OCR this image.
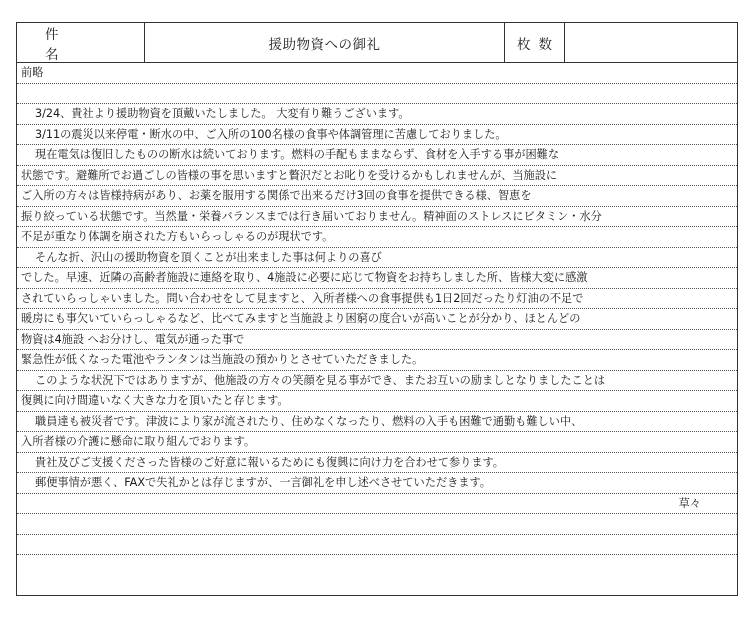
件　名
援助物資への御礼	枚数
前略
3/24、貴社より援助物資を頂戴いたしました。 大変有り難うございます。
3/11の震災以来停電・断水の中、ご入所の100名様の食事や体調管理に苦慮しておりました。
現在電気は復旧したものの断水は続いております。燃料の手配もままならず、食材を入手する事が困難な
状態です。避難所でお過ごしの皆様の事を思いますと贅沢だとお叱りを受けるかもしれませんが、当施設に
ご入所の方々は皆様持病があり、お薬を服用する関係で出来るだけ3回の食事を提供できる様、智恵を
振り絞っている状態です。当然量・栄養バランスまでは行き届いておりません。精神面のストレスにビタミン・水分
不足が重なり体調を崩された方もいらっしゃるのが現状です。
そんな折、沢山の援助物資を頂くことが出来ました事は何よりの喜び
でした。早速、近隣の高齢者施設に連絡を取り、4施設に必要に応じて物資をお持ちしました所、皆様大変に感激
されていらっしゃいました。問い合わせをして見ますと、入所者様への食事提供も1日2回だったり灯油の不足で
暖房にも事欠いていらっしゃるなど、比べてみますと当施設より困窮の度合いが高いことが分かり、ほとんどの
物資は4施設 へお分けし、電気が通った事で
緊急性が低くなった電池やランタンは当施設の預かりとさせていただきました。
このような状況下ではありますが、他施設の方々の笑顔を見る事ができ、またお互いの励ましとなりましたことは
復興に向け間違いなく大きな力を頂いたと存じます。
職員達も被災者です。津波により家が流されたり、住めなくなったり、燃料の入手も困難で通勤も難しい中、
入所者様の介護に懸命に取り組んでおります。
貴社及びご支援くださった皆様のご好意に報いるためにも復興に向け力を合わせて参ります。
郵便事情が悪く、FAXで失礼かとは存じますが、一言御礼を申し述べさせていただきます。
草々
